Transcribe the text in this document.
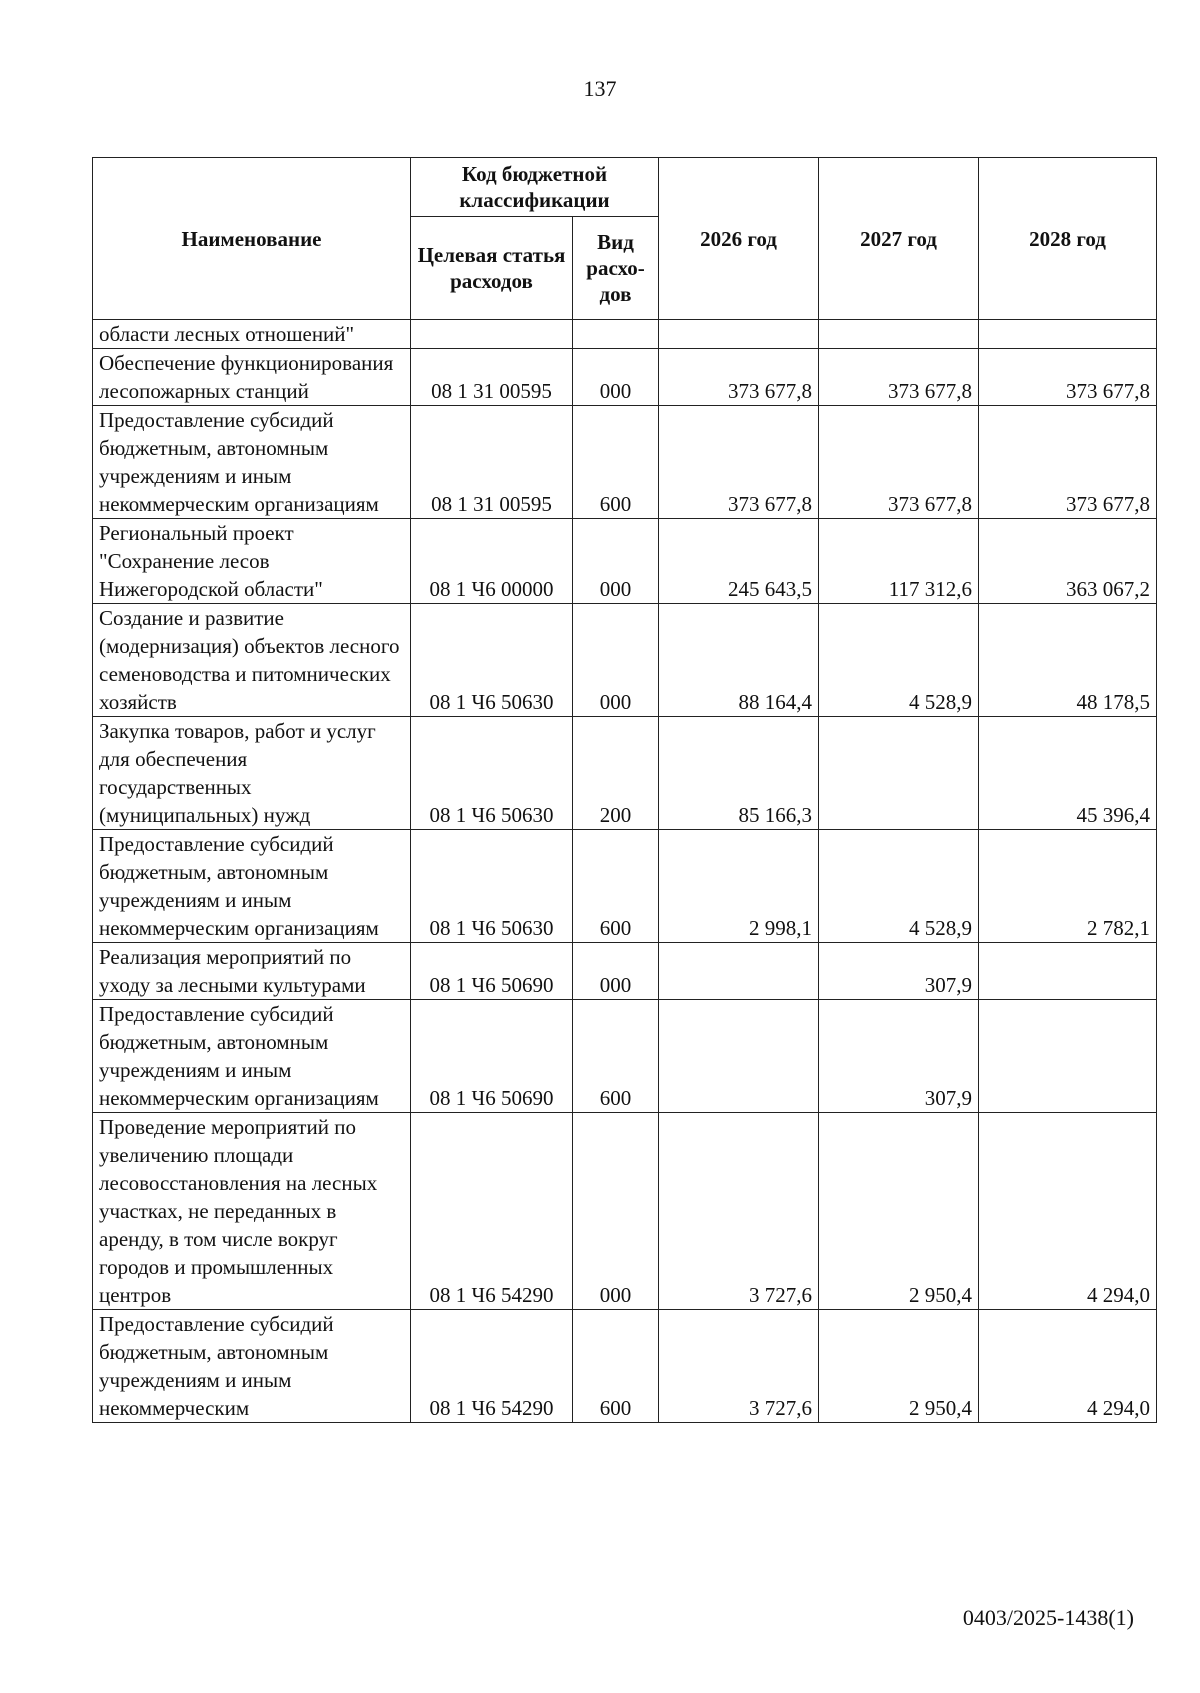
137
Наименование	Код бюджетной классификации		2026 год	2027 год	2028 год
	Целевая статья расходов	Вид расхо-дов			
области лесных отношений"					
Обеспечение функционирования лесопожарных станций	08 1 31 00595	000	373 677,8	373 677,8	373 677,8
Предоставление субсидий бюджетным, автономным учреждениям и иным некоммерческим организациям	08 1 31 00595	600	373 677,8	373 677,8	373 677,8
Региональный проект "Сохранение лесов Нижегородской области"	08 1 Ч6 00000	000	245 643,5	117 312,6	363 067,2
Создание и развитие (модернизация) объектов лесного семеноводства и питомнических хозяйств	08 1 Ч6 50630	000	88 164,4	4 528,9	48 178,5
Закупка товаров, работ и услуг для обеспечения государственных (муниципальных) нужд	08 1 Ч6 50630	200	85 166,3		45 396,4
Предоставление субсидий бюджетным, автономным учреждениям и иным некоммерческим организациям	08 1 Ч6 50630	600	2 998,1	4 528,9	2 782,1
Реализация мероприятий по уходу за лесными культурами	08 1 Ч6 50690	000		307,9	
Предоставление субсидий бюджетным, автономным учреждениям и иным некоммерческим организациям	08 1 Ч6 50690	600		307,9	
Проведение мероприятий по увеличению площади лесовосстановления на лесных участках, не переданных в аренду, в том числе вокруг городов и промышленных центров	08 1 Ч6 54290	000	3 727,6	2 950,4	4 294,0
Предоставление субсидий бюджетным, автономным учреждениям и иным некоммерческим	08 1 Ч6 54290	600	3 727,6	2 950,4	4 294,0
0403/2025-1438(1)
